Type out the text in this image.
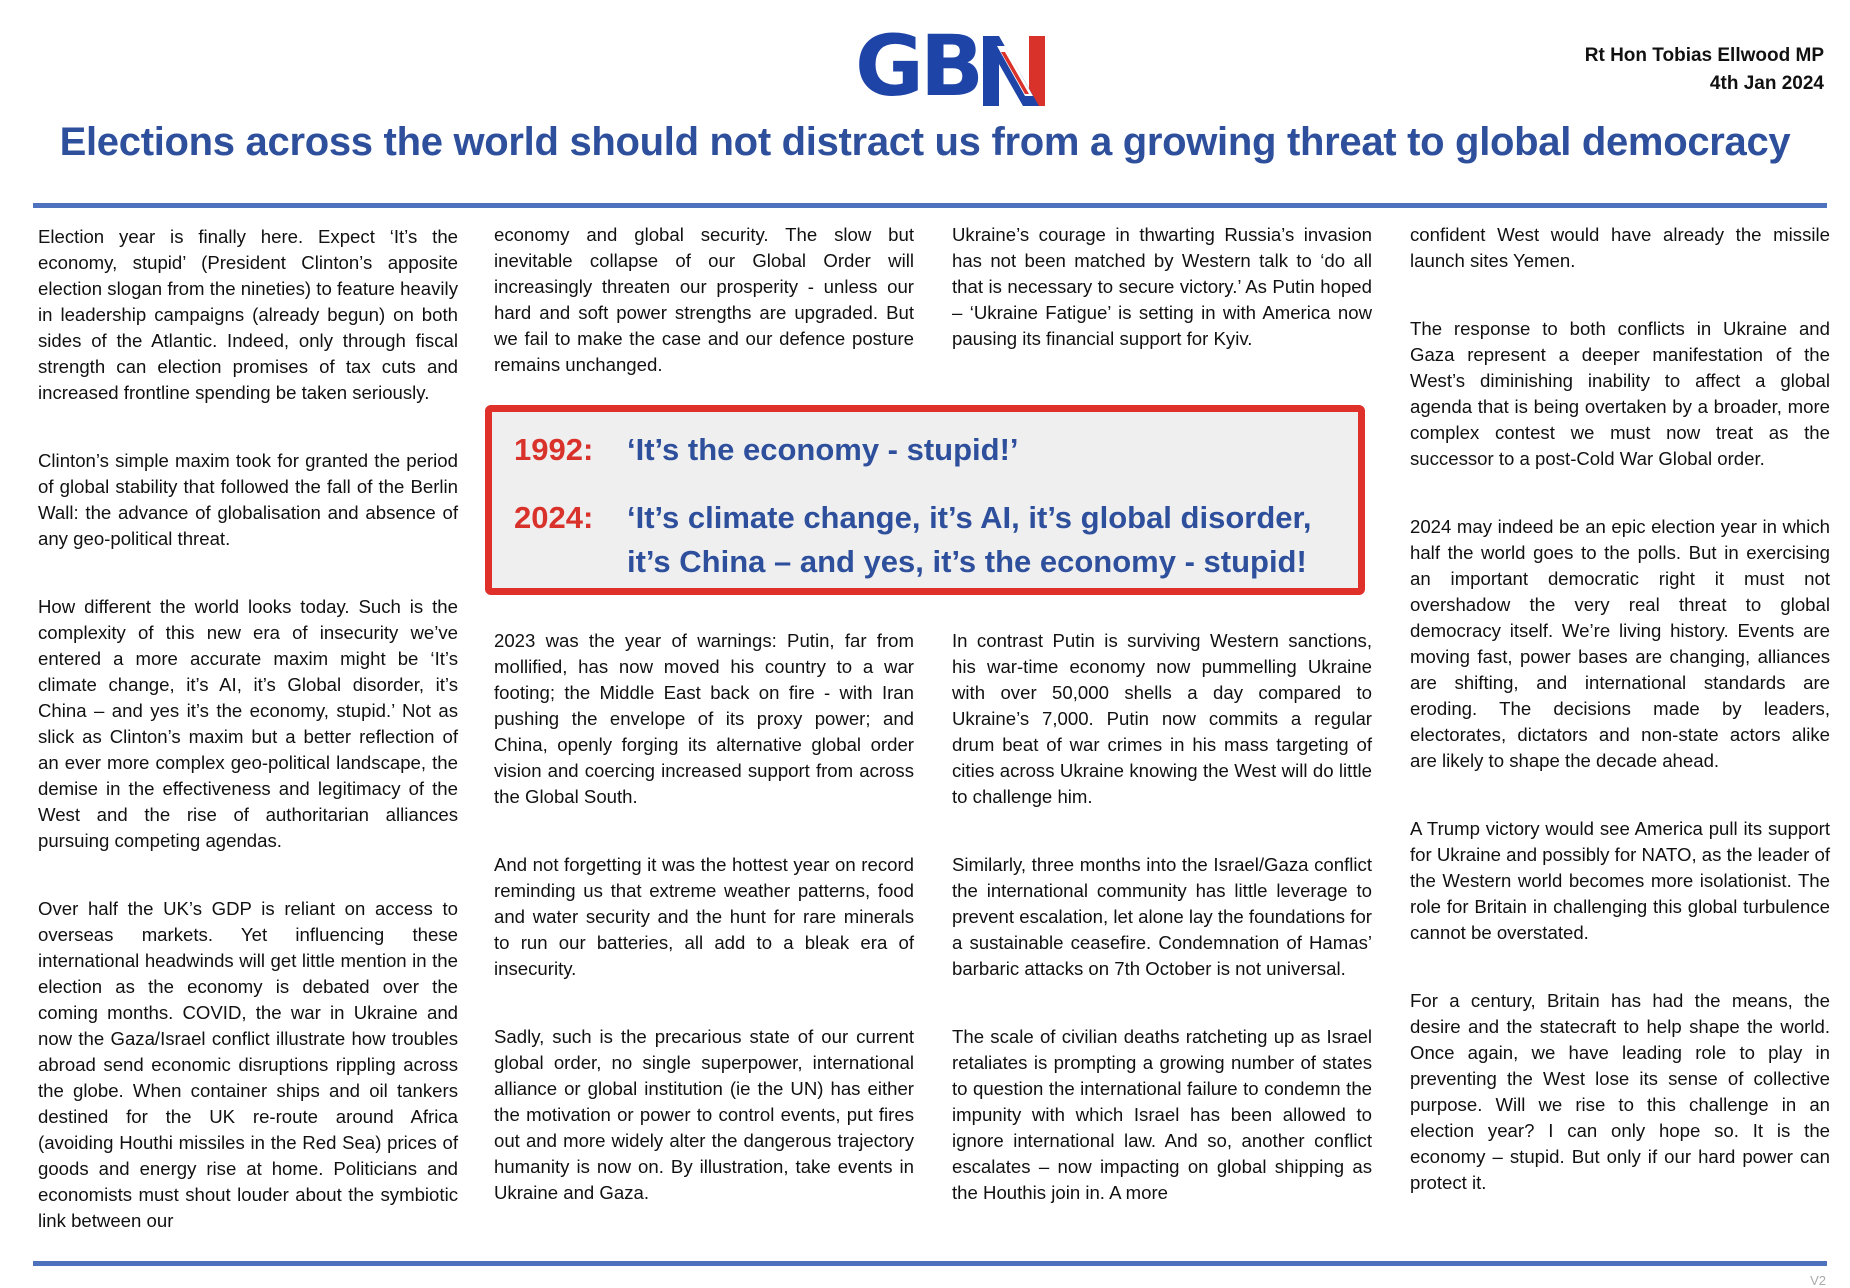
GB	Rt Hon Tobias Ellwood MP
4th Jan 2024
Elections across the world should not distract us from a growing threat to global democracy

Election year is finally here. Expect ‘It’s the economy, stupid’ (President Clinton’s apposite election slogan from the nineties) to feature heavily in leadership campaigns (already begun) on both sides of the Atlantic. Indeed, only through fiscal strength can election promises of tax cuts and increased frontline spending be taken seriously.

Clinton’s simple maxim took for granted the period of global stability that followed the fall of the Berlin Wall: the advance of globalisation and absence of any geo-political threat.

How different the world looks today. Such is the complexity of this new era of insecurity we’ve entered a more accurate maxim might be ‘It’s climate change, it’s AI, it’s Global disorder, it’s China – and yes it’s the economy, stupid.’ Not as slick as Clinton’s maxim but a better reflection of an ever more complex geo-political landscape, the demise in the effectiveness and legitimacy of the West and the rise of authoritarian alliances pursuing competing agendas.

Over half the UK’s GDP is reliant on access to overseas markets. Yet influencing these international headwinds will get little mention in the election as the economy is debated over the coming months. COVID, the war in Ukraine and now the Gaza/Israel conflict illustrate how troubles abroad send economic disruptions rippling across the globe. When container ships and oil tankers destined for the UK re-route around Africa (avoiding Houthi missiles in the Red Sea) prices of goods and energy rise at home. Politicians and economists must shout louder about the symbiotic link between our

economy and global security. The slow but inevitable collapse of our Global Order will increasingly threaten our prosperity - unless our hard and soft power strengths are upgraded. But we fail to make the case and our defence posture remains unchanged.

Ukraine’s courage in thwarting Russia’s invasion has not been matched by Western talk to ‘do all that is necessary to secure victory.’ As Putin hoped – ‘Ukraine Fatigue’ is setting in with America now pausing its financial support for Kyiv.

1992: ‘It’s the economy - stupid!’
2024: ‘It’s climate change, it’s AI, it’s global disorder, it’s China – and yes, it’s the economy - stupid!

2023 was the year of warnings: Putin, far from mollified, has now moved his country to a war footing; the Middle East back on fire - with Iran pushing the envelope of its proxy power; and China, openly forging its alternative global order vision and coercing increased support from across the Global South.

And not forgetting it was the hottest year on record reminding us that extreme weather patterns, food and water security and the hunt for rare minerals to run our batteries, all add to a bleak era of insecurity.

Sadly, such is the precarious state of our current global order, no single superpower, international alliance or global institution (ie the UN) has either the motivation or power to control events, put fires out and more widely alter the dangerous trajectory humanity is now on. By illustration, take events in Ukraine and Gaza.

In contrast Putin is surviving Western sanctions, his war-time economy now pummelling Ukraine with over 50,000 shells a day compared to Ukraine’s 7,000. Putin now commits a regular drum beat of war crimes in his mass targeting of cities across Ukraine knowing the West will do little to challenge him.

Similarly, three months into the Israel/Gaza conflict the international community has little leverage to prevent escalation, let alone lay the foundations for a sustainable ceasefire. Condemnation of Hamas’ barbaric attacks on 7th October is not universal.

The scale of civilian deaths ratcheting up as Israel retaliates is prompting a growing number of states to question the international failure to condemn the impunity with which Israel has been allowed to ignore international law. And so, another conflict escalates – now impacting on global shipping as the Houthis join in. A more

confident West would have already the missile launch sites Yemen.

The response to both conflicts in Ukraine and Gaza represent a deeper manifestation of the West’s diminishing inability to affect a global agenda that is being overtaken by a broader, more complex contest we must now treat as the successor to a post-Cold War Global order.

2024 may indeed be an epic election year in which half the world goes to the polls. But in exercising an important democratic right it must not overshadow the very real threat to global democracy itself. We’re living history. Events are moving fast, power bases are changing, alliances are shifting, and international standards are eroding. The decisions made by leaders, electorates, dictators and non-state actors alike are likely to shape the decade ahead.

A Trump victory would see America pull its support for Ukraine and possibly for NATO, as the leader of the Western world becomes more isolationist. The role for Britain in challenging this global turbulence cannot be overstated.

For a century, Britain has had the means, the desire and the statecraft to help shape the world. Once again, we have leading role to play in preventing the West lose its sense of collective purpose. Will we rise to this challenge in an election year? I can only hope so. It is the economy – stupid. But only if our hard power can protect it.

V2
